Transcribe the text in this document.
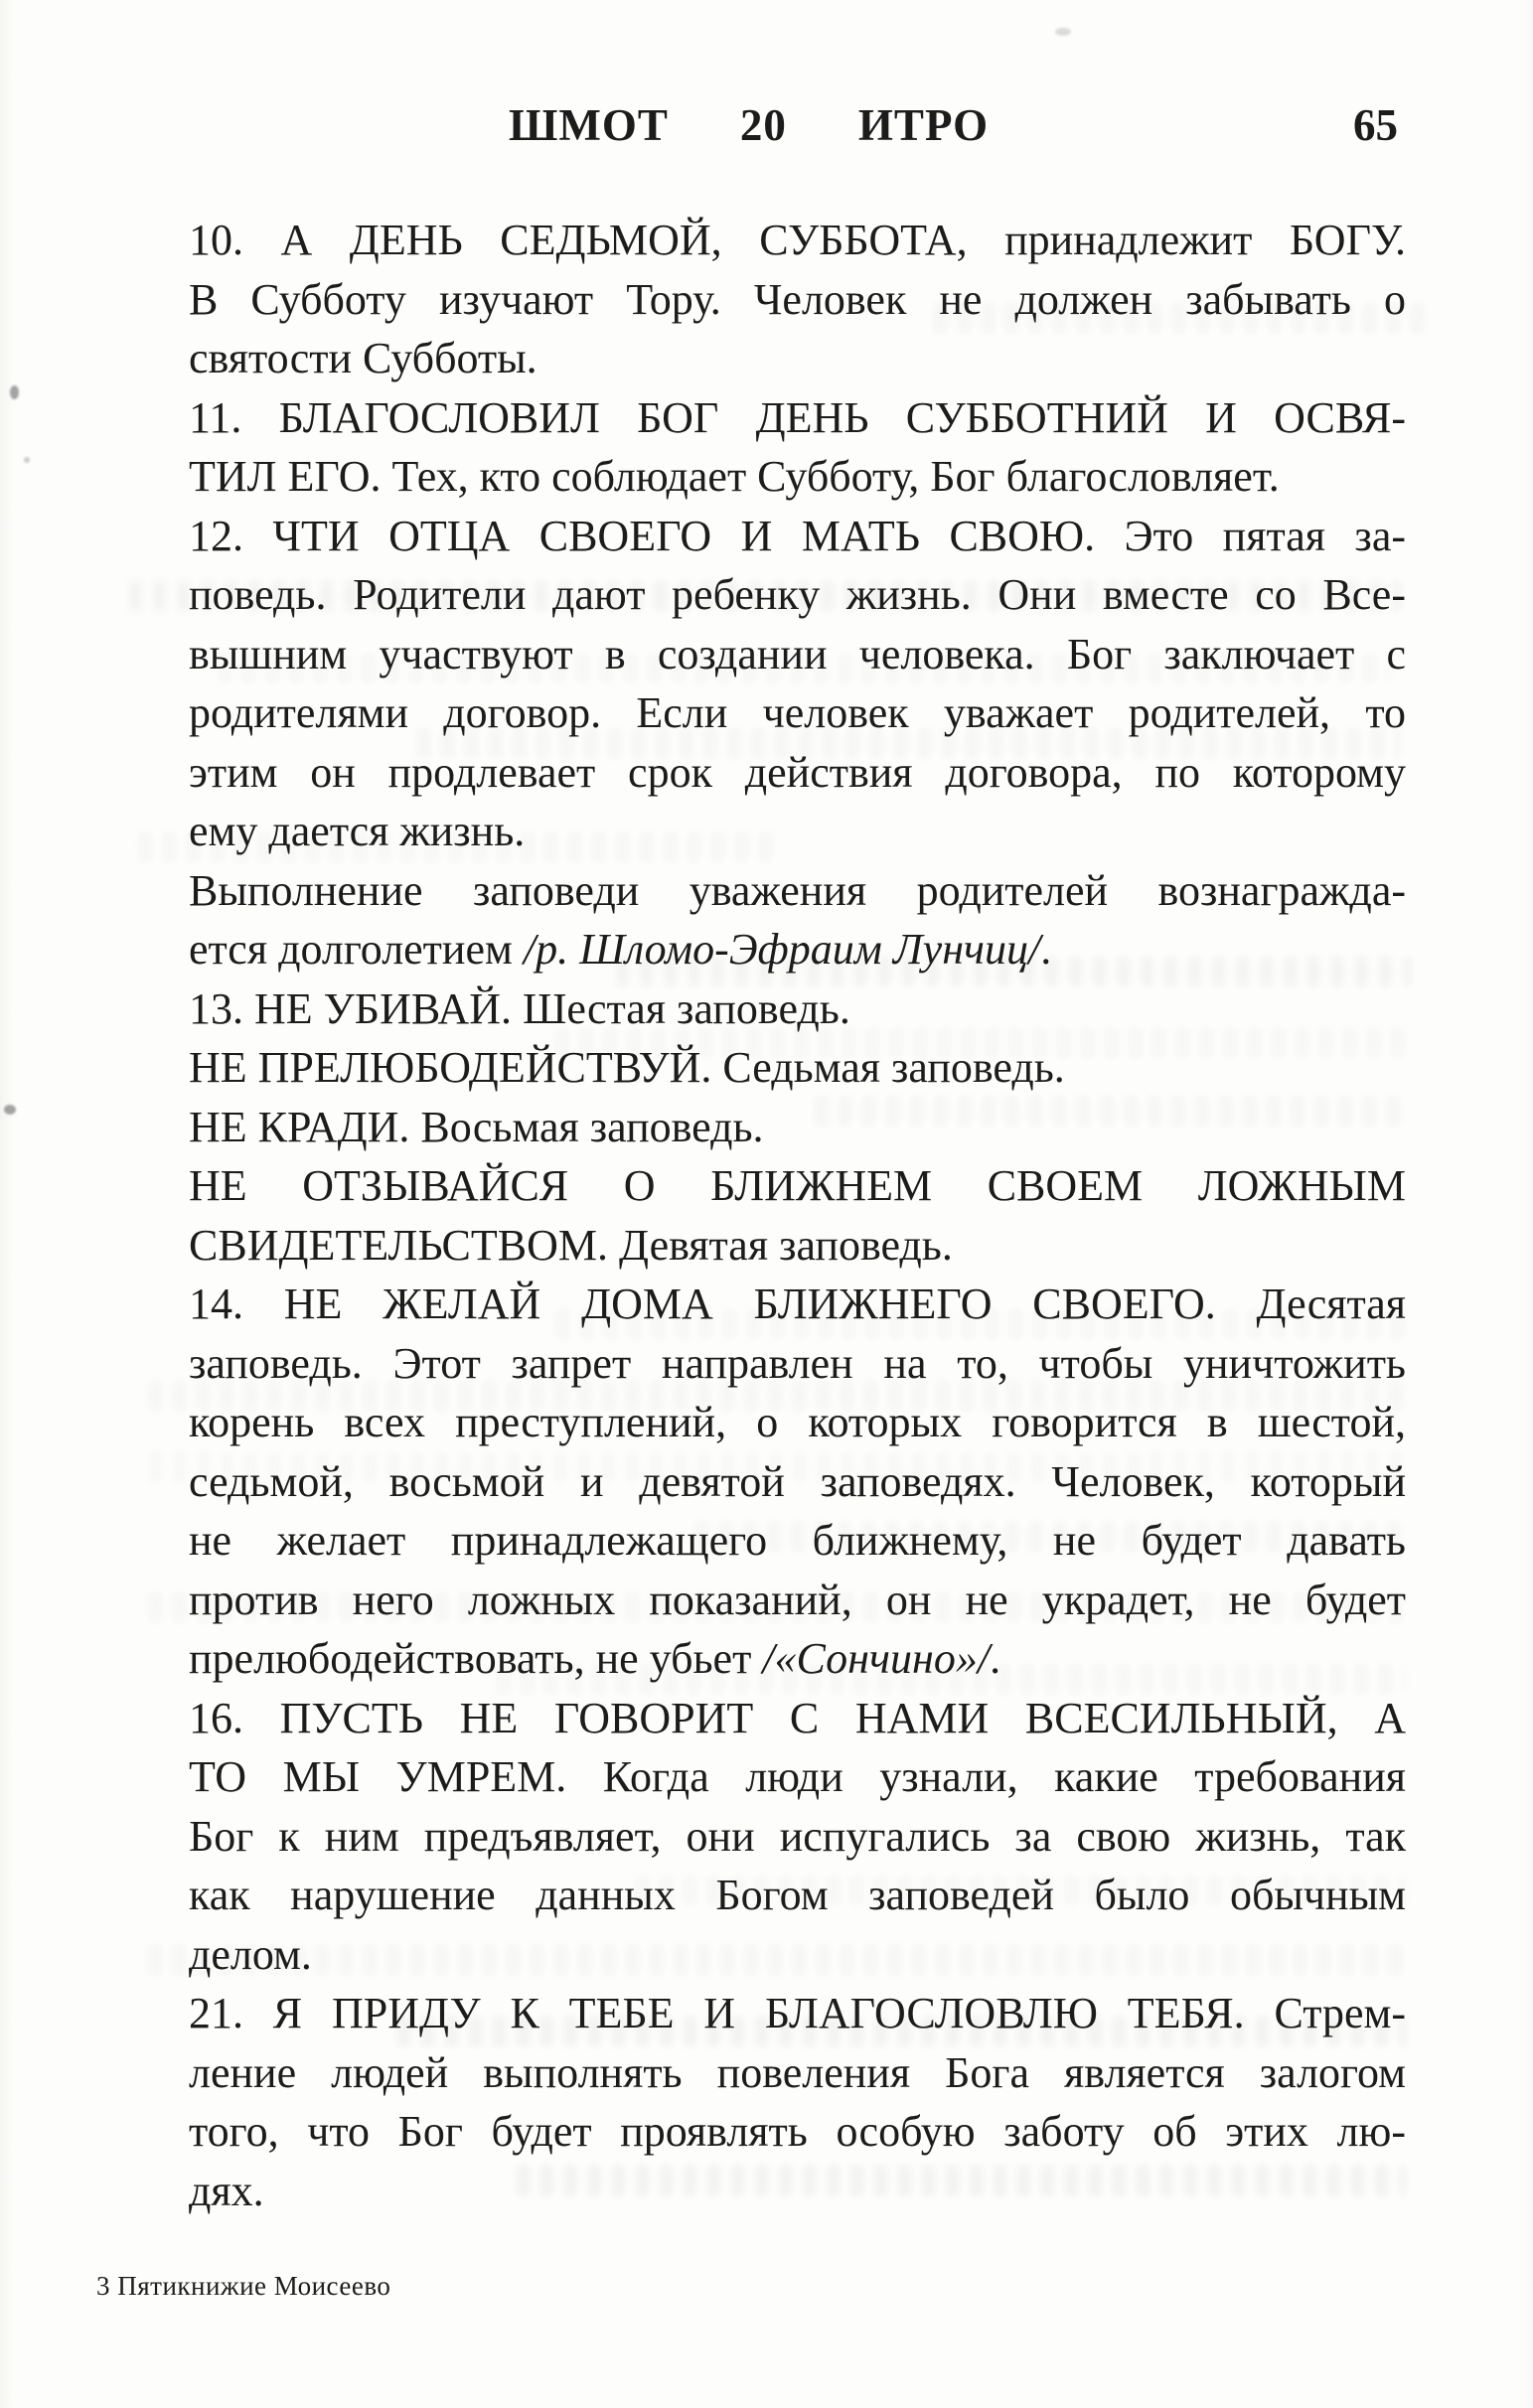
ШМОТ 20 ИТРО	65
10. А ДЕНЬ СЕДЬМОЙ, СУББОТА, принадлежит БОГУ.
В Субботу изучают Тору. Человек не должен забывать о
святости Субботы.
11. БЛАГОСЛОВИЛ БОГ ДЕНЬ СУББОТНИЙ И ОСВЯ-
ТИЛ ЕГО. Тех, кто соблюдает Субботу, Бог благословляет.
12. ЧТИ ОТЦА СВОЕГО И МАТЬ СВОЮ. Это пятая за-
поведь. Родители дают ребенку жизнь. Они вместе со Все-
вышним участвуют в создании человека. Бог заключает с
родителями договор. Если человек уважает родителей, то
этим он продлевает срок действия договора, по которому
ему дается жизнь.
Выполнение заповеди уважения родителей вознагражда-
ется долголетием /р. Шломо-Эфраим Лунчиц/.
13. НЕ УБИВАЙ. Шестая заповедь.
НЕ ПРЕЛЮБОДЕЙСТВУЙ. Седьмая заповедь.
НЕ КРАДИ. Восьмая заповедь.
НЕ ОТЗЫВАЙСЯ О БЛИЖНЕМ СВОЕМ ЛОЖНЫМ
СВИДЕТЕЛЬСТВОМ. Девятая заповедь.
14. НЕ ЖЕЛАЙ ДОМА БЛИЖНЕГО СВОЕГО. Десятая
заповедь. Этот запрет направлен на то, чтобы уничтожить
корень всех преступлений, о которых говорится в шестой,
седьмой, восьмой и девятой заповедях. Человек, который
не желает принадлежащего ближнему, не будет давать
против него ложных показаний, он не украдет, не будет
прелюбодействовать, не убьет /«Сончино»/.
16. ПУСТЬ НЕ ГОВОРИТ С НАМИ ВСЕСИЛЬНЫЙ, А
ТО МЫ УМРЕМ. Когда люди узнали, какие требования
Бог к ним предъявляет, они испугались за свою жизнь, так
как нарушение данных Богом заповедей было обычным
делом.
21. Я ПРИДУ К ТЕБЕ И БЛАГОСЛОВЛЮ ТЕБЯ. Стрем-
ление людей выполнять повеления Бога является залогом
того, что Бог будет проявлять особую заботу об этих лю-
дях.
3 Пятикнижие Моисеево
